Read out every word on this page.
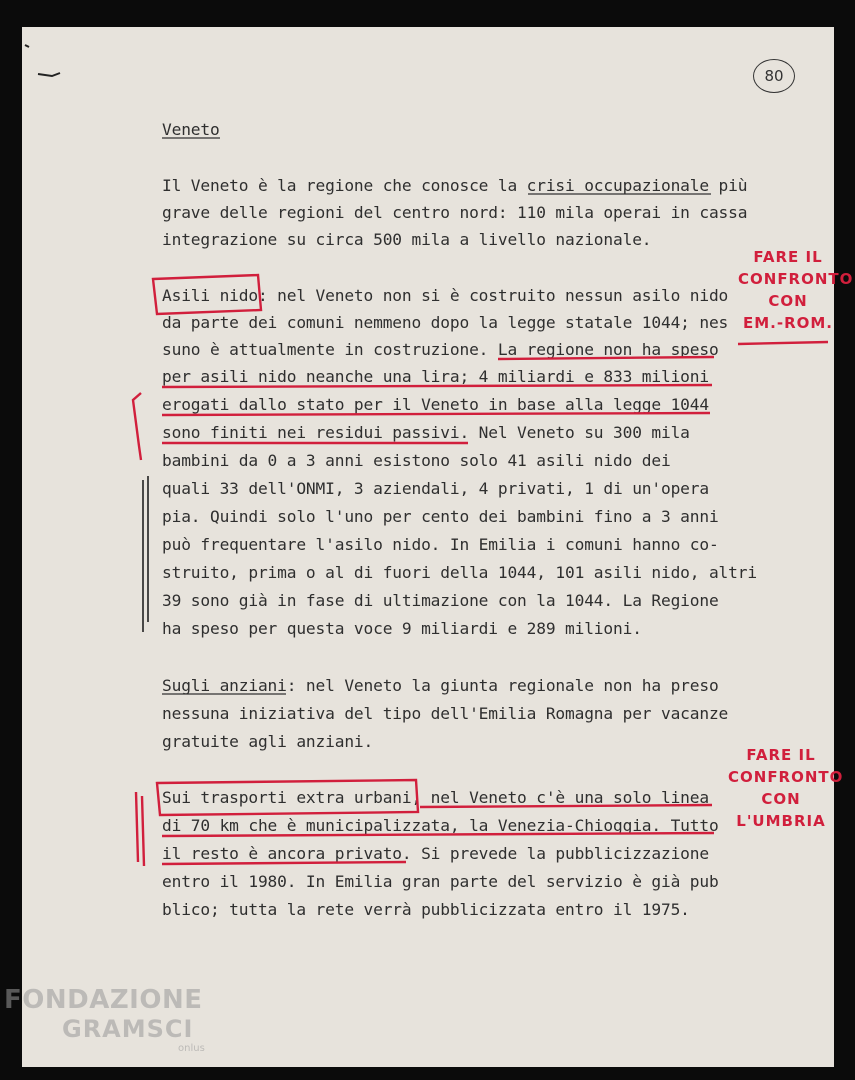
80
Veneto
Il Veneto è la regione che conosce la crisi occupazionale più
grave delle regioni del centro nord: 110 mila operai in cassa
integrazione su circa 500 mila a livello nazionale.
Asili nido: nel Veneto non si è costruito nessun asilo nido
da parte dei comuni nemmeno dopo la legge statale 1044; nes
suno è attualmente in costruzione. La regione non ha speso
per asili nido neanche una lira; 4 miliardi e 833 milioni
erogati dallo stato per il Veneto in base alla legge 1044
sono finiti nei residui passivi. Nel Veneto su 300 mila
bambini da 0 a 3 anni esistono solo 41 asili nido dei
quali 33 dell'ONMI, 3 aziendali, 4 privati, 1 di un'opera
pia. Quindi solo l'uno per cento dei bambini fino a 3 anni
può frequentare l'asilo nido. In Emilia i comuni hanno co-
struito, prima o al di fuori della 1044, 101 asili nido, altri
39 sono già in fase di ultimazione con la 1044. La Regione
ha speso per questa voce 9 miliardi e 289 milioni.
Sugli anziani: nel Veneto la giunta regionale non ha preso
nessuna iniziativa del tipo dell'Emilia Romagna per vacanze
gratuite agli anziani.
Sui trasporti extra urbani, nel Veneto c'è una solo linea
di 70 km che è municipalizzata, la Venezia-Chioggia. Tutto
il resto è ancora privato. Si prevede la pubblicizzazione
entro il 1980. In Emilia gran parte del servizio è già pub
blico; tutta la rete verrà pubblicizzata entro il 1975.
FARE IL
CONFRONTO
CON
EM.-ROM.
FARE IL
CONFRONTO
CON
L'UMBRIA
FONDAZIONE
GRAMSCI
onlus
